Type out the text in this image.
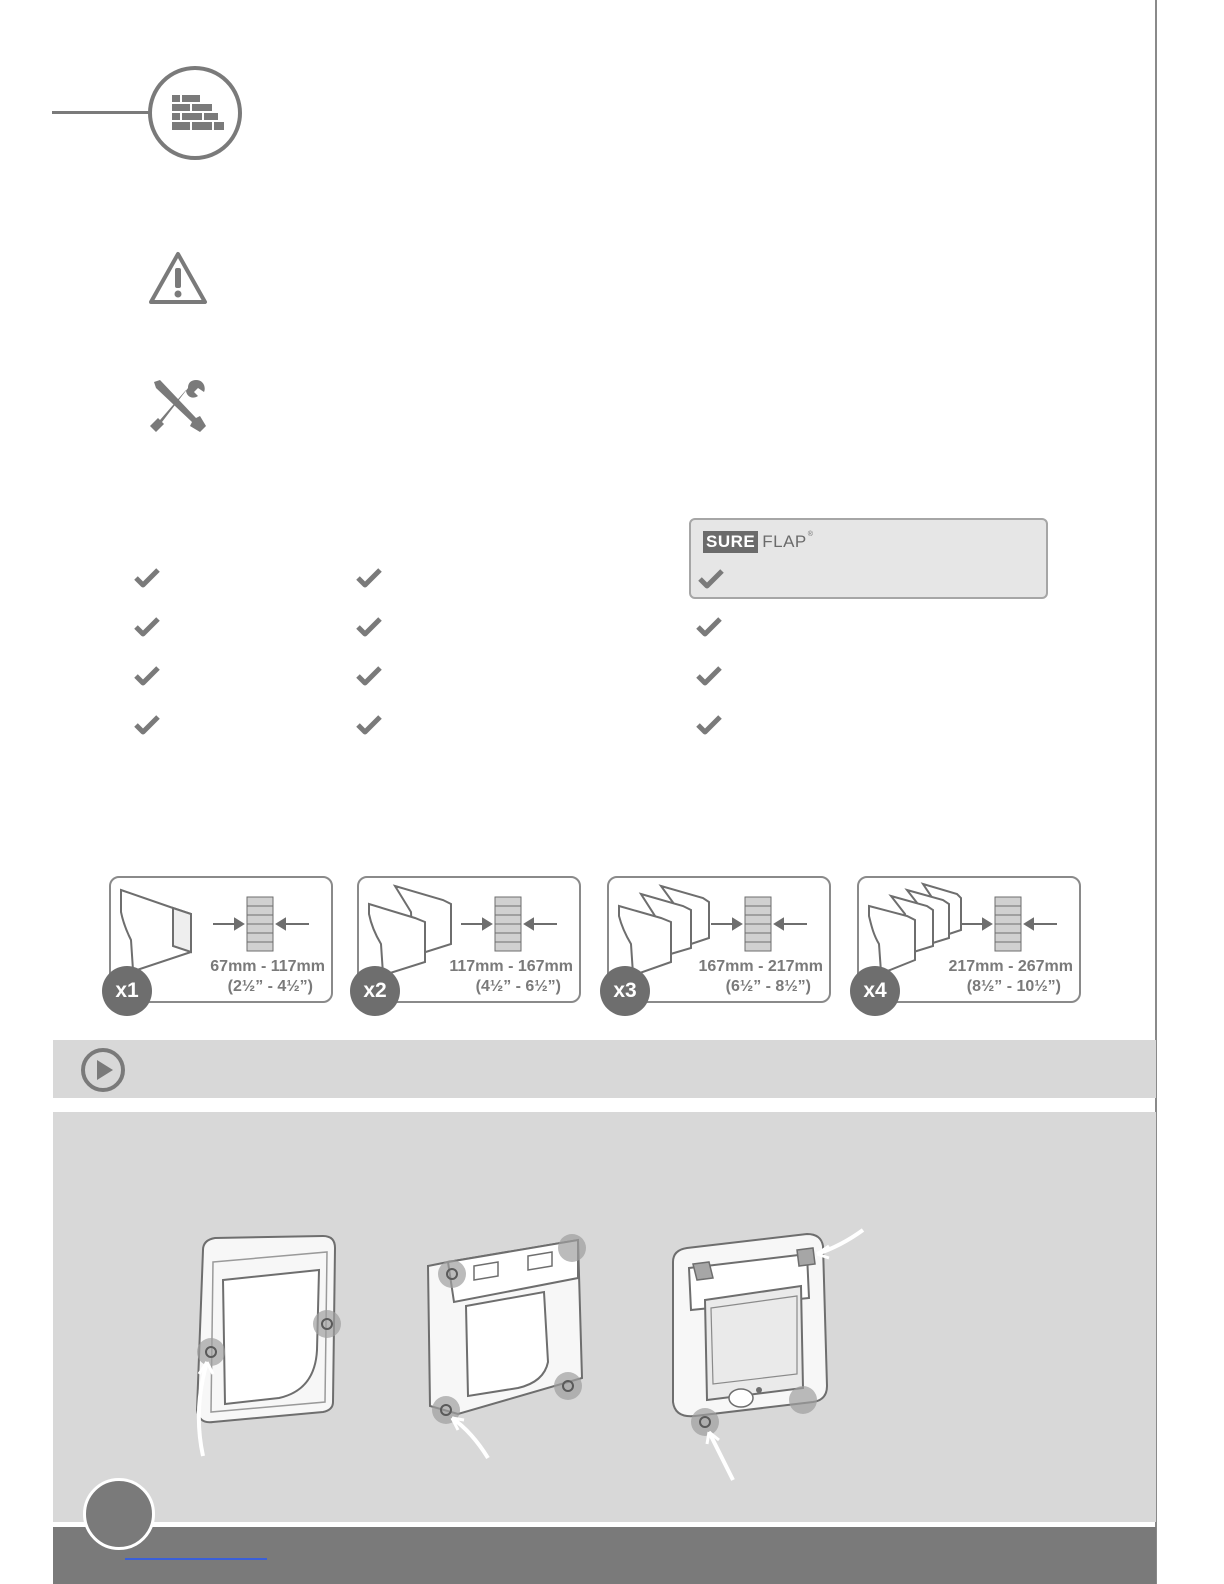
SURE FLAP ®
67mm - 117mm
(2½” - 4½”)
x1
117mm - 167mm
(4½” - 6½”)
x2
167mm - 217mm
(6½” - 8½”)
x3
217mm - 267mm
(8½” - 10½”)
x4
